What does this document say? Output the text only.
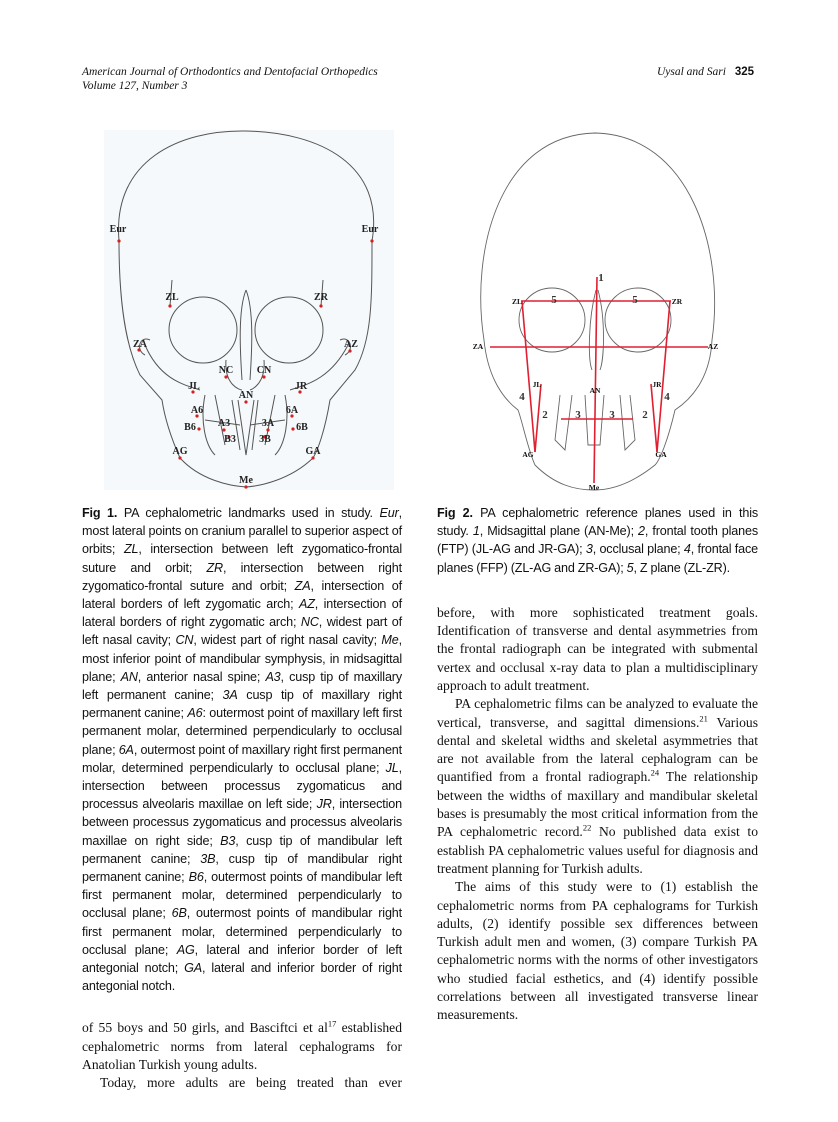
American Journal of Orthodontics and Dentofacial Orthopedics
Volume 127, Number 3
Uysal and Sari 325
Eur	Eur
ZL	ZR
ZA	AZ
NC CN
JL	JR
AN
A6	6A
B6 A3	3A 6B
B3 3B
AG	GA
Me
ZL	ZR
ZA	AZ
JL	JR
AN
AG	GA
Me
1
5	5
4	4
2	2
3	3
Fig 1. PA cephalometric landmarks used in study. Eur, most lateral points on cranium parallel to superior aspect of orbits; ZL, intersection between left zygomatico-frontal suture and orbit; ZR, intersection between right zygomatico-frontal suture and orbit; ZA, intersection of lateral borders of left zygomatic arch; AZ, intersection of lateral borders of right zygomatic arch; NC, widest part of left nasal cavity; CN, widest part of right nasal cavity; Me, most inferior point of mandibular symphysis, in midsagittal plane; AN, anterior nasal spine; A3, cusp tip of maxillary left permanent canine; 3A cusp tip of maxillary right permanent canine; A6: outermost point of maxillary left first permanent molar, determined perpendicularly to occlusal plane; 6A, outermost point of maxillary right first permanent molar, determined perpendicularly to occlusal plane; JL, intersection between processus zygomaticus and processus alveolaris maxillae on left side; JR, intersection between processus zygomaticus and processus alveolaris maxillae on right side; B3, cusp tip of mandibular left permanent canine; 3B, cusp tip of mandibular right permanent canine; B6, outermost points of mandibular left first permanent molar, determined perpendicularly to occlusal plane; 6B, outermost points of mandibular right first permanent molar, determined perpendicularly to occlusal plane; AG, lateral and inferior border of left antegonial notch; GA, lateral and inferior border of right antegonial notch.

of 55 boys and 50 girls, and Basciftci et $al^{17}$ established cephalometric norms from lateral cephalograms for Anatolian Turkish young adults.

Today, more adults are being treated than ever

Fig 2. PA cephalometric reference planes used in this study. 1, Midsagittal plane (AN-Me); 2, frontal tooth planes (FTP) (JL-AG and JR-GA); 3, occlusal plane; 4, frontal face planes (FFP) (ZL-AG and ZR-GA); 5, Z plane (ZL-ZR).

before, with more sophisticated treatment goals. Identification of transverse and dental asymmetries from the frontal radiograph can be integrated with submental vertex and occlusal x-ray data to plan a multidisciplinary approach to adult treatment.

PA cephalometric films can be analyzed to evaluate the vertical, transverse, and sagittal dimensions.$^{21}$ Various dental and skeletal widths and skeletal asymmetries that are not available from the lateral cephalogram can be quantified from a frontal radiograph.$^{24}$ The relationship between the widths of maxillary and mandibular skeletal bases is presumably the most critical information from the PA cephalometric record.$^{22}$ No published data exist to establish PA cephalometric values useful for diagnosis and treatment planning for Turkish adults.

The aims of this study were to (1) establish the cephalometric norms from PA cephalograms for Turkish adults, (2) identify possible sex differences between Turkish adult men and women, (3) compare Turkish PA cephalometric norms with the norms of other investigators who studied facial esthetics, and (4) identify possible correlations between all investigated transverse linear measurements.
